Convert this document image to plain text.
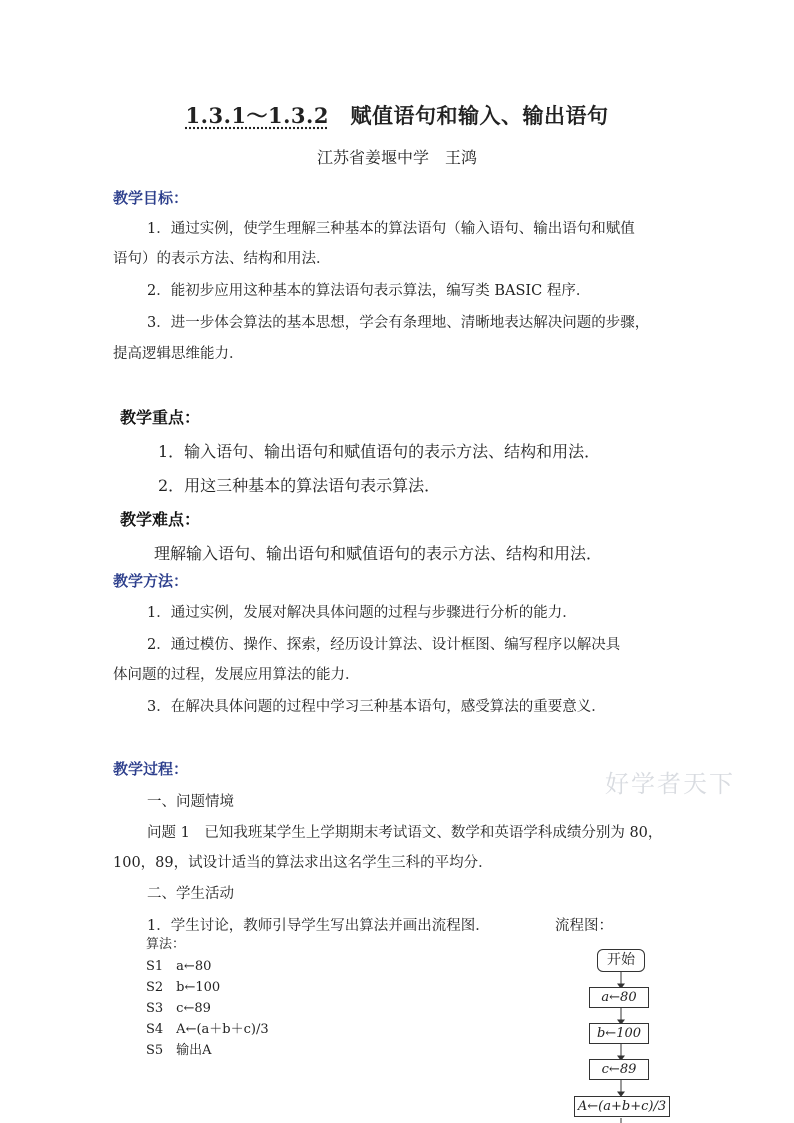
1.3.1～1.3.2  赋值语句和输入、输出语句
江苏省姜堰中学　王鸿
教学目标：
1．通过实例，使学生理解三种基本的算法语句（输入语句、输出语句和赋值
语句）的表示方法、结构和用法．
2．能初步应用这种基本的算法语句表示算法，编写类 BASIC 程序．
3．进一步体会算法的基本思想，学会有条理地、清晰地表达解决问题的步骤，
提高逻辑思维能力．
教学重点：
1．输入语句、输出语句和赋值语句的表示方法、结构和用法．
2．用这三种基本的算法语句表示算法．
教学难点：
理解输入语句、输出语句和赋值语句的表示方法、结构和用法．
教学方法：
1．通过实例，发展对解决具体问题的过程与步骤进行分析的能力．
2．通过模仿、操作、探索，经历设计算法、设计框图、编写程序以解决具
体问题的过程，发展应用算法的能力．
3．在解决具体问题的过程中学习三种基本语句，感受算法的重要意义．
教学过程：
好学者天下
一、问题情境
问题 1　已知我班某学生上学期期末考试语文、数学和英语学科成绩分别为 80，
100，89，试设计适当的算法求出这名学生三科的平均分．
二、学生活动
1．学生讨论，教师引导学生写出算法并画出流程图．	流程图：
算法：
S1　a←80
S2　b←100
S3　c←89
S4　A←(a＋b＋c)/3
S5　输出A
开始
a←80
b←100
c←89
A←(a+b+c)/3
